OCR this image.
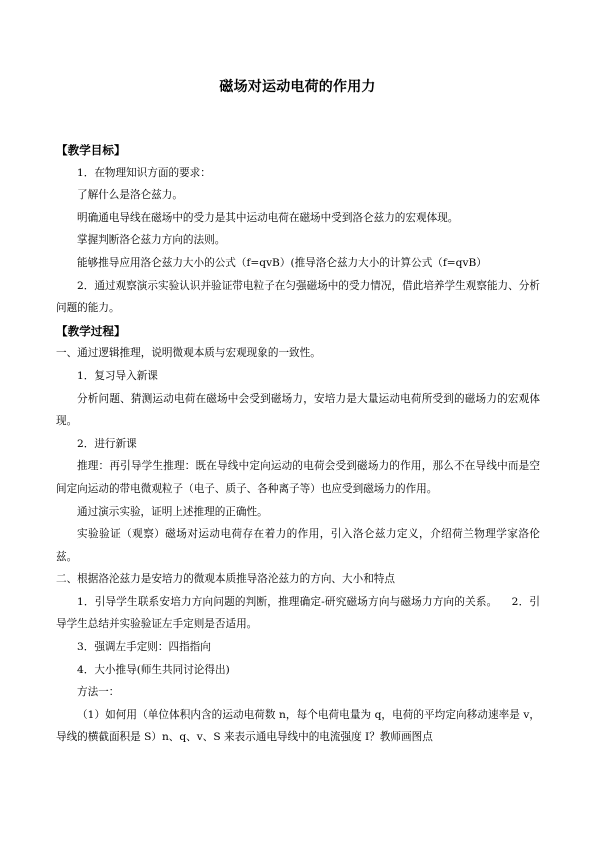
磁场对运动电荷的作用力

【教学目标】

1．在物理知识方面的要求：

了解什么是洛仑兹力。

明确通电导线在磁场中的受力是其中运动电荷在磁场中受到洛仑兹力的宏观体现。

掌握判断洛仑兹力方向的法则。

能够推导应用洛仑兹力大小的公式（f=qvB）(推导洛仑兹力大小的计算公式（f=qvB）

2．通过观察演示实验认识并验证带电粒子在匀强磁场中的受力情况，借此培养学生观察能力、分析问题的能力。

【教学过程】

一、通过逻辑推理，说明微观本质与宏观现象的一致性。

1．复习导入新课

分析问题、猜测运动电荷在磁场中会受到磁场力，安培力是大量运动电荷所受到的磁场力的宏观体现。

2．进行新课

推理：再引导学生推理：既在导线中定向运动的电荷会受到磁场力的作用，那么不在导线中而是空间定向运动的带电微观粒子（电子、质子、各种离子等）也应受到磁场力的作用。

通过演示实验，证明上述推理的正确性。

实验验证（观察）磁场对运动电荷存在着力的作用，引入洛仑兹力定义，介绍荷兰物理学家洛伦兹。

二、根据洛沦兹力是安培力的微观本质推导洛沦兹力的方向、大小和特点

1．引导学生联系安培力方向问题的判断，推理确定-研究磁场方向与磁场力方向的关系。 2．引导学生总结并实验验证左手定则是否适用。

3．强调左手定则：四指指向

4．大小推导(师生共同讨论得出)

方法一：

（1）如何用（单位体积内含的运动电荷数 n，每个电荷电量为 q，电荷的平均定向移动速率是 v，导线的横截面积是 S）n、q、v、S 来表示通电导线中的电流强度 I？教师画图点
